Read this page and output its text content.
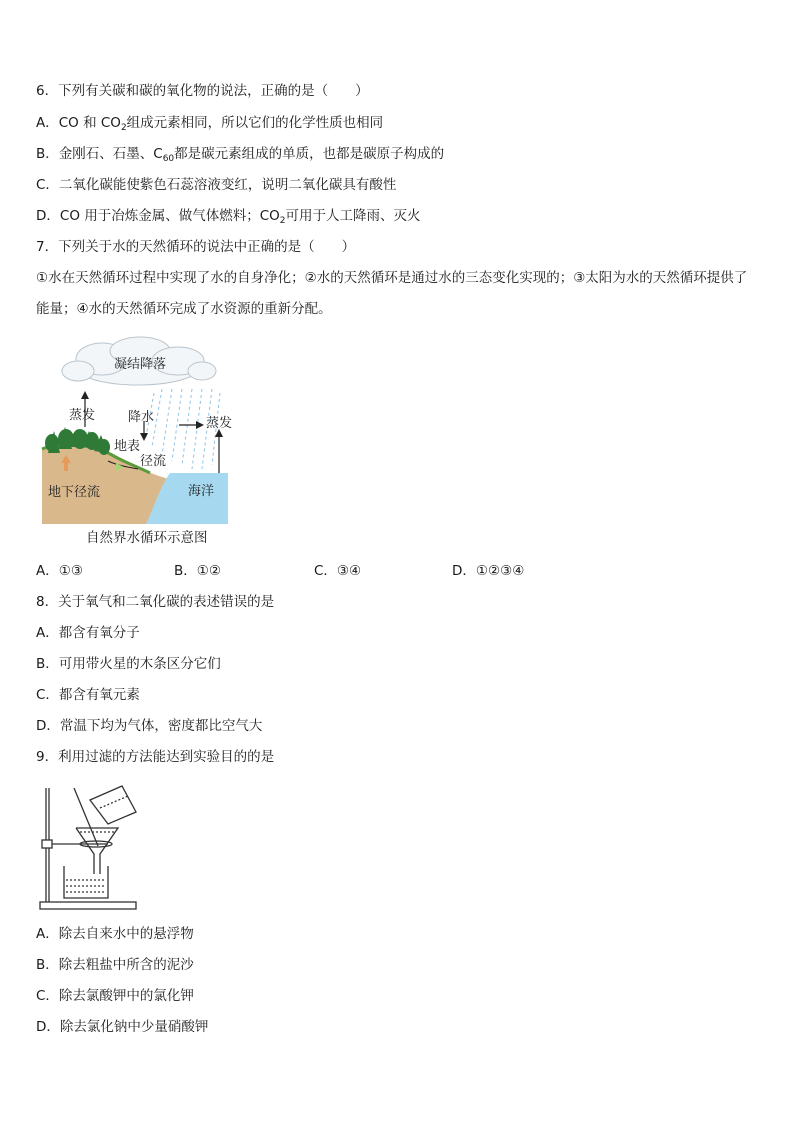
6．下列有关碳和碳的氧化物的说法，正确的是（　　）
A．CO 和 $CO_2$组成元素相同，所以它们的化学性质也相同
B．金刚石、石墨、$C_{60}$都是碳元素组成的单质，也都是碳原子构成的
C．二氧化碳能使紫色石蕊溶液变红，说明二氧化碳具有酸性
D．CO 用于冶炼金属、做气体燃料；$CO_2$可用于人工降雨、灭火
7．下列关于水的天然循环的说法中正确的是（　　）
①水在天然循环过程中实现了水的自身净化；②水的天然循环是通过水的三态变化实现的；③太阳为水的天然循环提供了能量；④水的天然循环完成了水资源的重新分配。
凝结降落
蒸发	降水	蒸发
地表
径流
地下径流	海洋
自然界水循环示意图
A．①③	B．①②	C．③④	D．①②③④
8．关于氧气和二氧化碳的表述错误的是
A．都含有氧分子
B．可用带火星的木条区分它们
C．都含有氧元素
D．常温下均为气体，密度都比空气大
9．利用过滤的方法能达到实验目的的是
A．除去自来水中的悬浮物
B．除去粗盐中所含的泥沙
C．除去氯酸钾中的氯化钾
D．除去氯化钠中少量硝酸钾
